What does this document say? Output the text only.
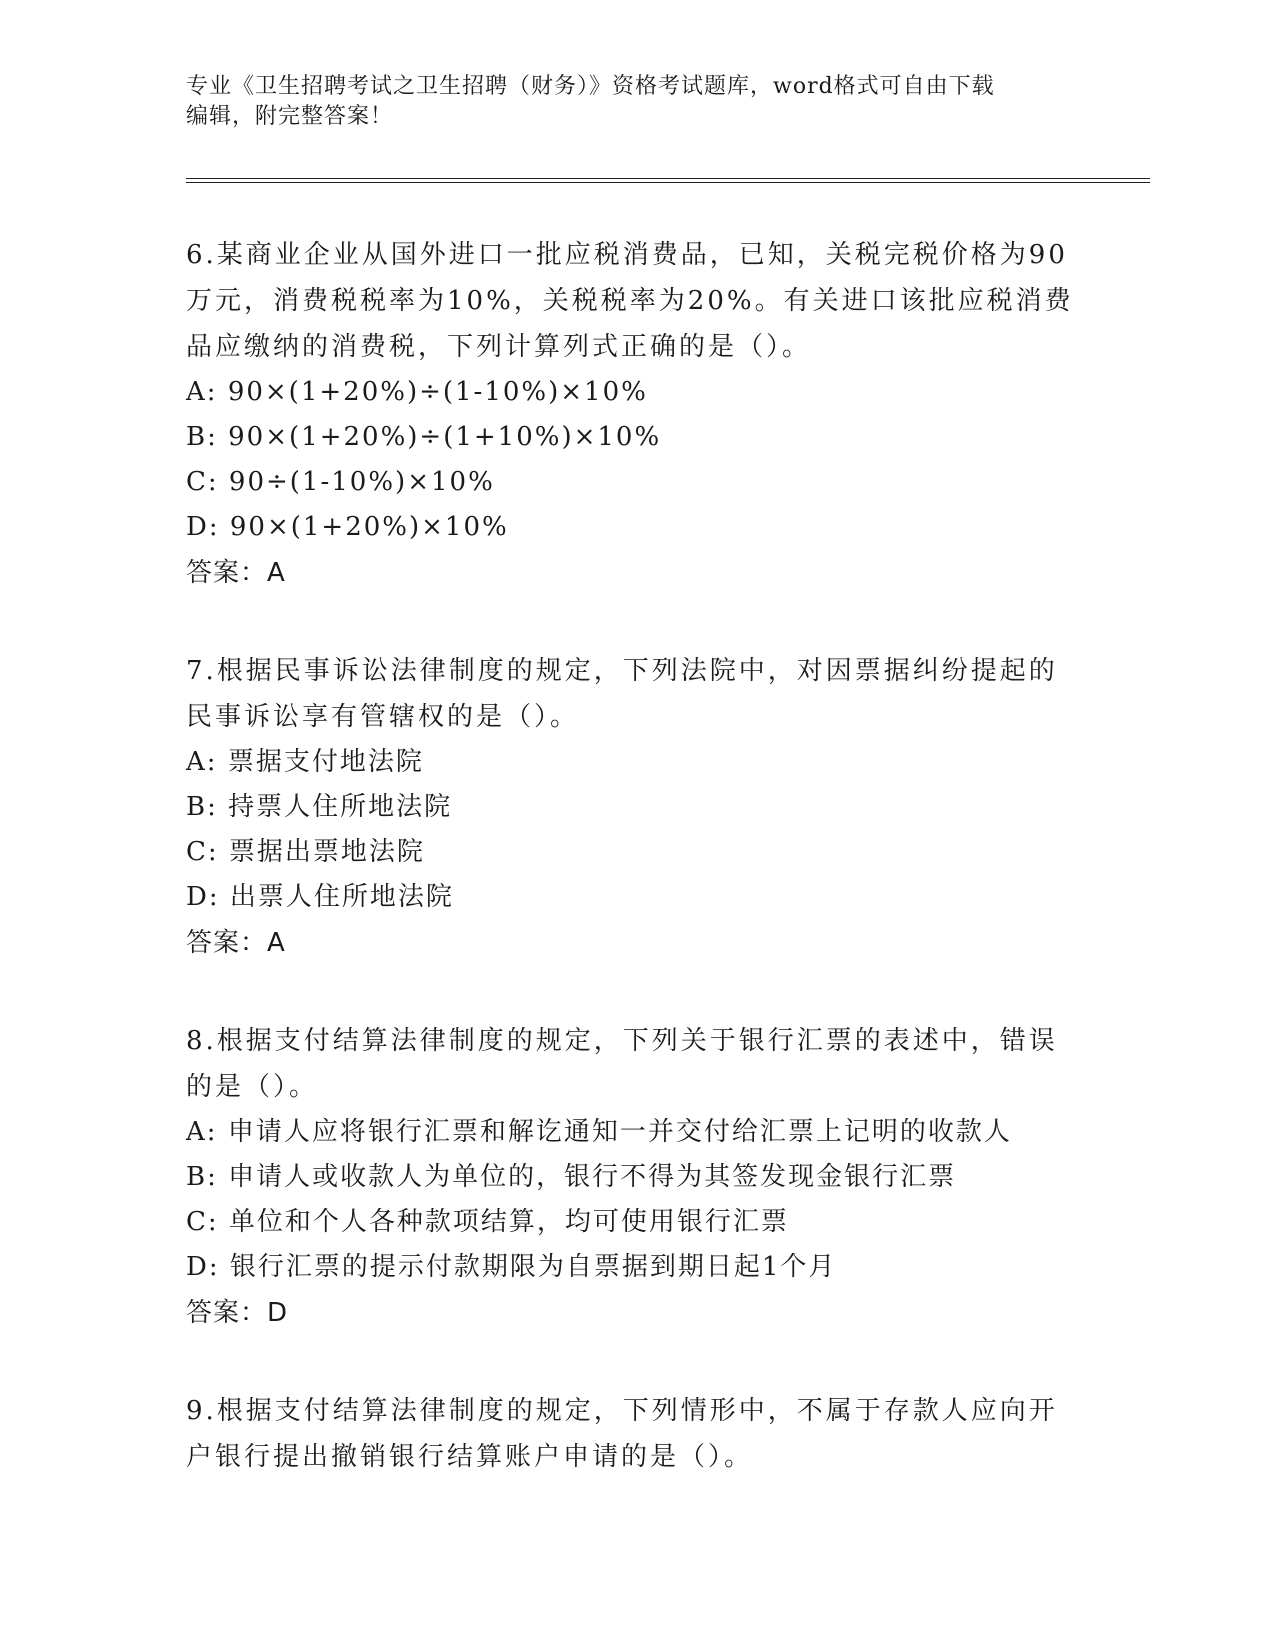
专业《卫生招聘考试之卫生招聘（财务）》资格考试题库，word格式可自由下载
编辑，附完整答案！
6.某商业企业从国外进口一批应税消费品，已知，关税完税价格为90
万元，消费税税率为10%，关税税率为20%。有关进口该批应税消费
品应缴纳的消费税，下列计算列式正确的是（）。
A: 90×(1+20%)÷(1-10%)×10%
B: 90×(1+20%)÷(1+10%)×10%
C: 90÷(1-10%)×10%
D: 90×(1+20%)×10%
答案：A
7.根据民事诉讼法律制度的规定，下列法院中，对因票据纠纷提起的
民事诉讼享有管辖权的是（）。
A: 票据支付地法院
B: 持票人住所地法院
C: 票据出票地法院
D: 出票人住所地法院
答案：A
8.根据支付结算法律制度的规定，下列关于银行汇票的表述中，错误
的是（）。
A: 申请人应将银行汇票和解讫通知一并交付给汇票上记明的收款人
B: 申请人或收款人为单位的，银行不得为其签发现金银行汇票
C: 单位和个人各种款项结算，均可使用银行汇票
D: 银行汇票的提示付款期限为自票据到期日起1个月
答案：D
9.根据支付结算法律制度的规定，下列情形中，不属于存款人应向开
户银行提出撤销银行结算账户申请的是（）。
